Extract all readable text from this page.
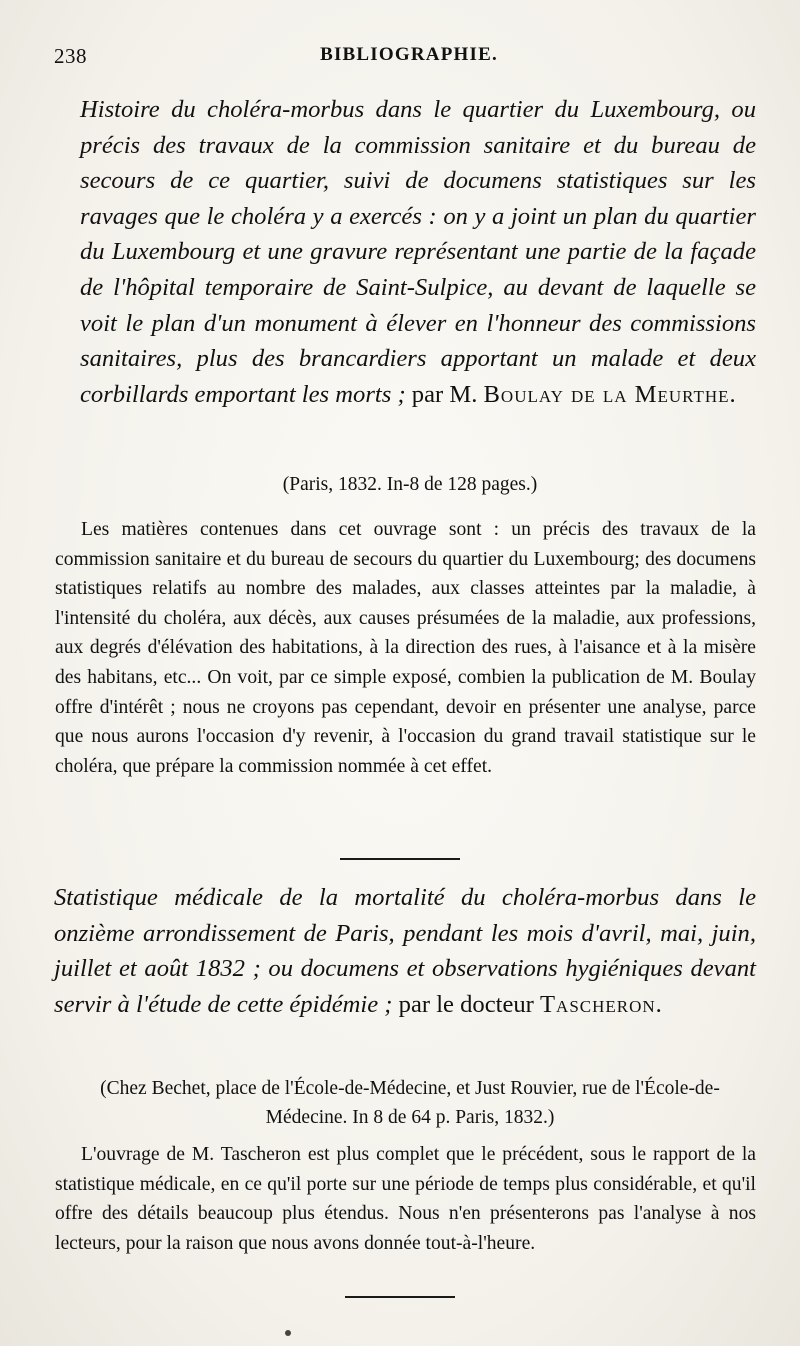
238	BIBLIOGRAPHIE.
Histoire du choléra-morbus dans le quartier du Luxembourg, ou précis des travaux de la commission sanitaire et du bureau de secours de ce quartier, suivi de documens statistiques sur les ravages que le choléra y a exercés : on y a joint un plan du quartier du Luxembourg et une gravure représentant une partie de la façade de l'hôpital temporaire de Saint-Sulpice, au devant de laquelle se voit le plan d'un monument à élever en l'honneur des commissions sanitaires, plus des brancardiers apportant un malade et deux corbillards emportant les morts ; par M. Boulay de la Meurthe.
(Paris, 1832. In-8 de 128 pages.)
Les matières contenues dans cet ouvrage sont : un précis des travaux de la commission sanitaire et du bureau de secours du quartier du Luxembourg; des documens statistiques relatifs au nombre des malades, aux classes atteintes par la maladie, à l'intensité du choléra, aux décès, aux causes présumées de la maladie, aux professions, aux degrés d'élévation des habitations, à la direction des rues, à l'aisance et à la misère des habitans, etc... On voit, par ce simple exposé, combien la publication de M. Boulay offre d'intérêt ; nous ne croyons pas cependant, devoir en présenter une analyse, parce que nous aurons l'occasion d'y revenir, à l'occasion du grand travail statistique sur le choléra, que prépare la commission nommée à cet effet.
Statistique médicale de la mortalité du choléra-morbus dans le onzième arrondissement de Paris, pendant les mois d'avril, mai, juin, juillet et août 1832 ; ou documens et observations hygiéniques devant servir à l'étude de cette épidémie ; par le docteur Tascheron.
(Chez Bechet, place de l'École-de-Médecine, et Just Rouvier, rue de l'École-de-Médecine. In 8 de 64 p. Paris, 1832.)
L'ouvrage de M. Tascheron est plus complet que le précédent, sous le rapport de la statistique médicale, en ce qu'il porte sur une période de temps plus considérable, et qu'il offre des détails beaucoup plus étendus. Nous n'en présenterons pas l'analyse à nos lecteurs, pour la raison que nous avons donnée tout-à-l'heure.
